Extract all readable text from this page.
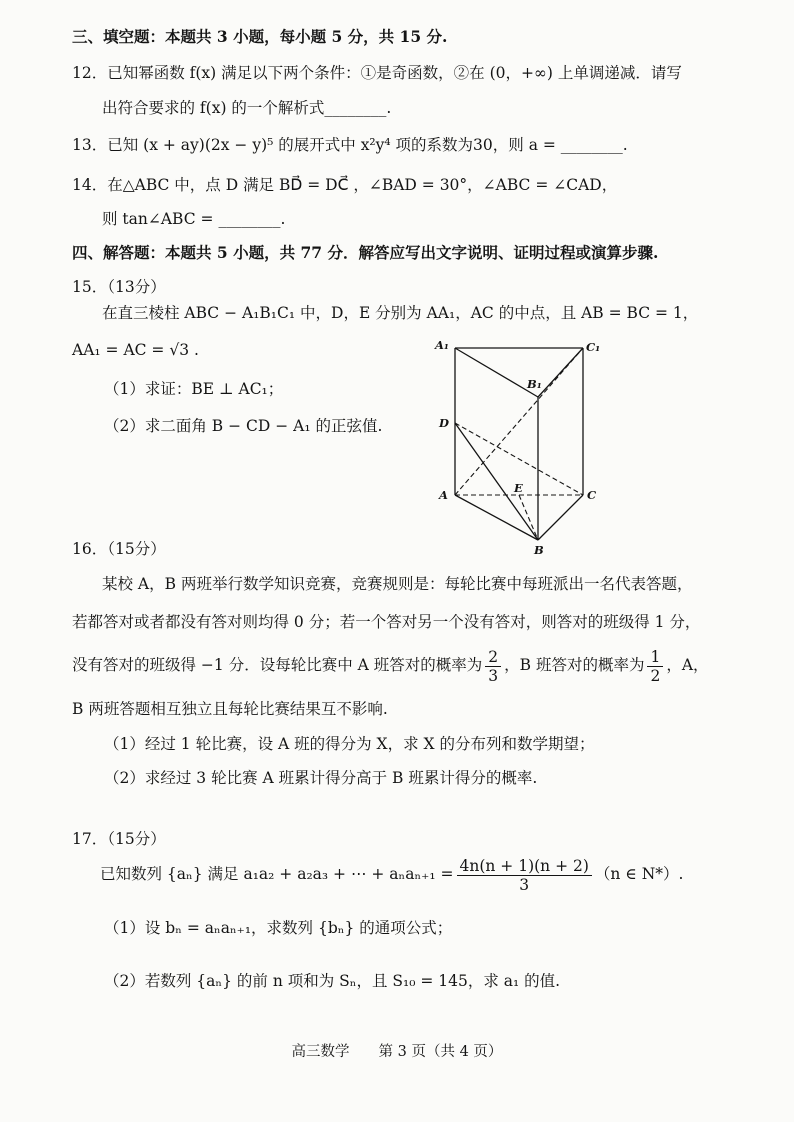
三、填空题：本题共 3 小题，每小题 5 分，共 15 分.
12．已知幂函数 f(x) 满足以下两个条件：①是奇函数，②在 (0，+∞) 上单调递减．请写
出符合要求的 f(x) 的一个解析式________.
13．已知 (x + ay)(2x − y)⁵ 的展开式中 x²y⁴ 项的系数为30，则 a = ________.
14．在△ABC 中，点 D 满足 BD⃗ = DC⃗ ，∠BAD = 30°，∠ABC = ∠CAD，
则 tan∠ABC = ________.
四、解答题：本题共 5 小题，共 77 分．解答应写出文字说明、证明过程或演算步骤.
15．（13分）
在直三棱柱 ABC − A₁B₁C₁ 中，D，E 分别为 AA₁，AC 的中点，且 AB = BC = 1，
AA₁ = AC = √3 .
（1）求证：BE ⊥ AC₁；
（2）求二面角 B − CD − A₁ 的正弦值.
A₁	C₁
B₁
D
A	E	C
B
16．（15分）
某校 A，B 两班举行数学知识竞赛，竞赛规则是：每轮比赛中每班派出一名代表答题，
若都答对或者都没有答对则均得 0 分；若一个答对另一个没有答对，则答对的班级得 1 分，
没有答对的班级得 −1 分．设每轮比赛中 A 班答对的概率为 $\frac{2}{3}$ ，B 班答对的概率为 $\frac{1}{2}$ ，A，
B 两班答题相互独立且每轮比赛结果互不影响.
（1）经过 1 轮比赛，设 A 班的得分为 X，求 X 的分布列和数学期望；
（2）求经过 3 轮比赛 A 班累计得分高于 B 班累计得分的概率.
17．（15分）
已知数列 {aₙ} 满足 a₁a₂ + a₂a₃ + ⋯ + $a_na_{n+1} = \frac{4n(n + 1)(n + 2)}{3} (n$ ∈ N*）.
（1）设 bₙ = aₙaₙ₊₁，求数列 {bₙ} 的通项公式；
（2）若数列 {aₙ} 的前 n 项和为 Sₙ，且 S₁₀ = 145，求 a₁ 的值.
高三数学　　第 3 页（共 4 页）
